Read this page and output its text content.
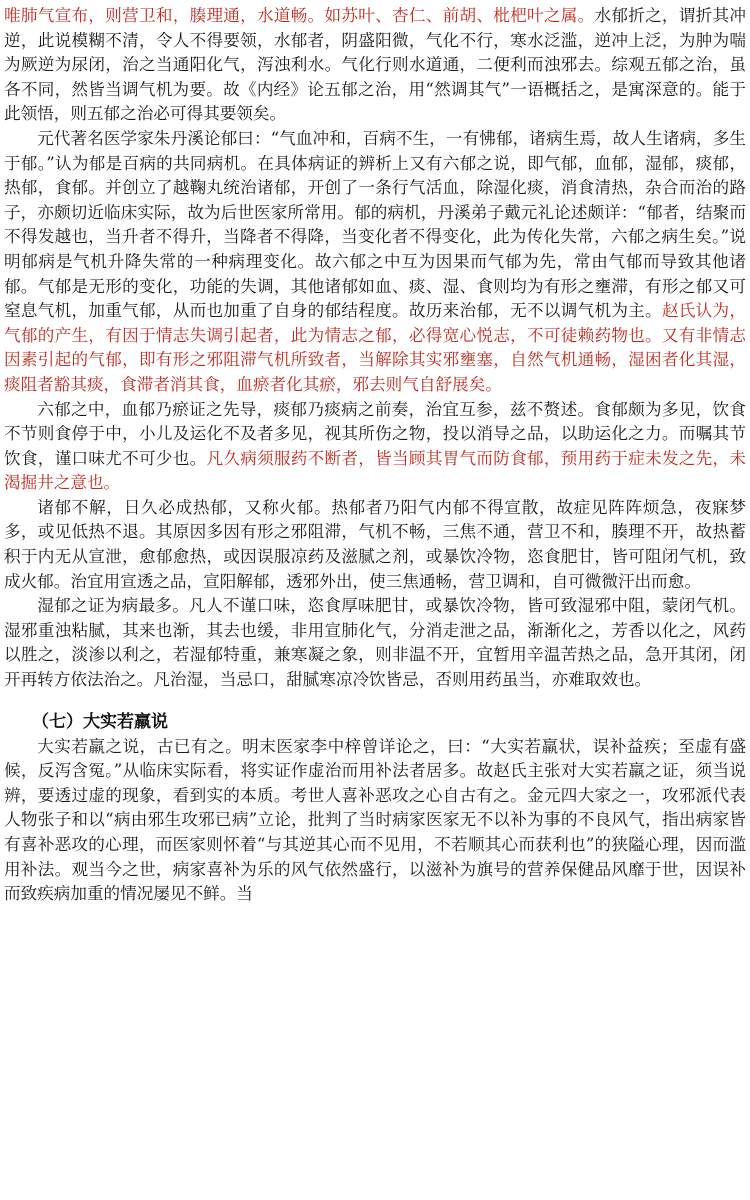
唯肺气宣布，则营卫和，腠理通，水道畅。如苏叶、杏仁、前胡、枇杷叶之属。水郁折之，谓折其冲逆，此说模糊不清，令人不得要领，水郁者，阴盛阳微，气化不行，寒水泛滥，逆冲上泛，为肿为喘为厥逆为尿闭，治之当通阳化气，泻浊利水。气化行则水道通，二便利而浊邪去。综观五郁之治，虽各不同，然皆当调气机为要。故《内经》论五郁之治，用“然调其气”一语概括之，是寓深意的。能于此领悟，则五郁之治必可得其要领矣。

元代著名医学家朱丹溪论郁曰：“气血冲和，百病不生，一有怫郁，诸病生焉，故人生诸病，多生于郁。”认为郁是百病的共同病机。在具体病证的辨析上又有六郁之说，即气郁，血郁，湿郁，痰郁，热郁，食郁。并创立了越鞠丸统治诸郁，开创了一条行气活血，除湿化痰，消食清热，杂合而治的路子，亦颇切近临床实际，故为后世医家所常用。郁的病机，丹溪弟子戴元礼论述颇详：“郁者，结聚而不得发越也，当升者不得升，当降者不得降，当变化者不得变化，此为传化失常，六郁之病生矣。”说明郁病是气机升降失常的一种病理变化。故六郁之中互为因果而气郁为先，常由气郁而导致其他诸郁。气郁是无形的变化，功能的失调，其他诸郁如血、痰、湿、食则均为有形之壅滞，有形之郁又可窒息气机，加重气郁，从而也加重了自身的郁结程度。故历来治郁，无不以调气机为主。赵氏认为，气郁的产生，有因于情志失调引起者，此为情志之郁，必得宽心悦志，不可徒赖药物也。又有非情志因素引起的气郁，即有形之邪阻滞气机所致者，当解除其实邪壅塞，自然气机通畅，湿困者化其湿，痰阻者豁其痰，食滞者消其食，血瘀者化其瘀，邪去则气自舒展矣。

六郁之中，血郁乃瘀证之先导，痰郁乃痰病之前奏，治宜互参，兹不赘述。食郁颇为多见，饮食不节则食停于中，小儿及运化不及者多见，视其所伤之物，投以消导之品，以助运化之力。而嘱其节饮食，谨口味尤不可少也。凡久病须服药不断者，皆当顾其胃气而防食郁，预用药于症未发之先，未渴掘井之意也。

诸郁不解，日久必成热郁，又称火郁。热郁者乃阳气内郁不得宣散，故症见阵阵烦急，夜寐梦多，或见低热不退。其原因多因有形之邪阻滞，气机不畅，三焦不通，营卫不和，腠理不开，故热蓄积于内无从宣泄，愈郁愈热，或因误服凉药及滋腻之剂，或暴饮冷物，恣食肥甘，皆可阻闭气机，致成火郁。治宜用宣透之品，宣阳解郁，透邪外出，使三焦通畅，营卫调和，自可微微汗出而愈。

湿郁之证为病最多。凡人不谨口味，恣食厚味肥甘，或暴饮冷物，皆可致湿邪中阻，蒙闭气机。湿邪重浊粘腻，其来也渐，其去也缓，非用宣肺化气，分消走泄之品，渐渐化之，芳香以化之，风药以胜之，淡渗以利之，若湿郁特重，兼寒凝之象，则非温不开，宜暂用辛温苦热之品，急开其闭，闭开再转方依法治之。凡治湿，当忌口，甜腻寒凉冷饮皆忌，否则用药虽当，亦难取效也。

（七）大实若羸说

大实若羸之说，古已有之。明末医家李中梓曾详论之，曰：“大实若羸状，误补益疾；至虚有盛候，反泻含冤。”从临床实际看，将实证作虚治而用补法者居多。故赵氏主张对大实若羸之证，须当说辨，要透过虚的现象，看到实的本质。考世人喜补恶攻之心自古有之。金元四大家之一，攻邪派代表人物张子和以“病由邪生攻邪已病”立论，批判了当时病家医家无不以补为事的不良风气，指出病家皆有喜补恶攻的心理，而医家则怀着“与其逆其心而不见用，不若顺其心而获利也”的狭隘心理，因而滥用补法。观当今之世，病家喜补为乐的风气依然盛行，以滋补为旗号的营养保健品风靡于世，因误补而致疾病加重的情况屡见不鲜。当
